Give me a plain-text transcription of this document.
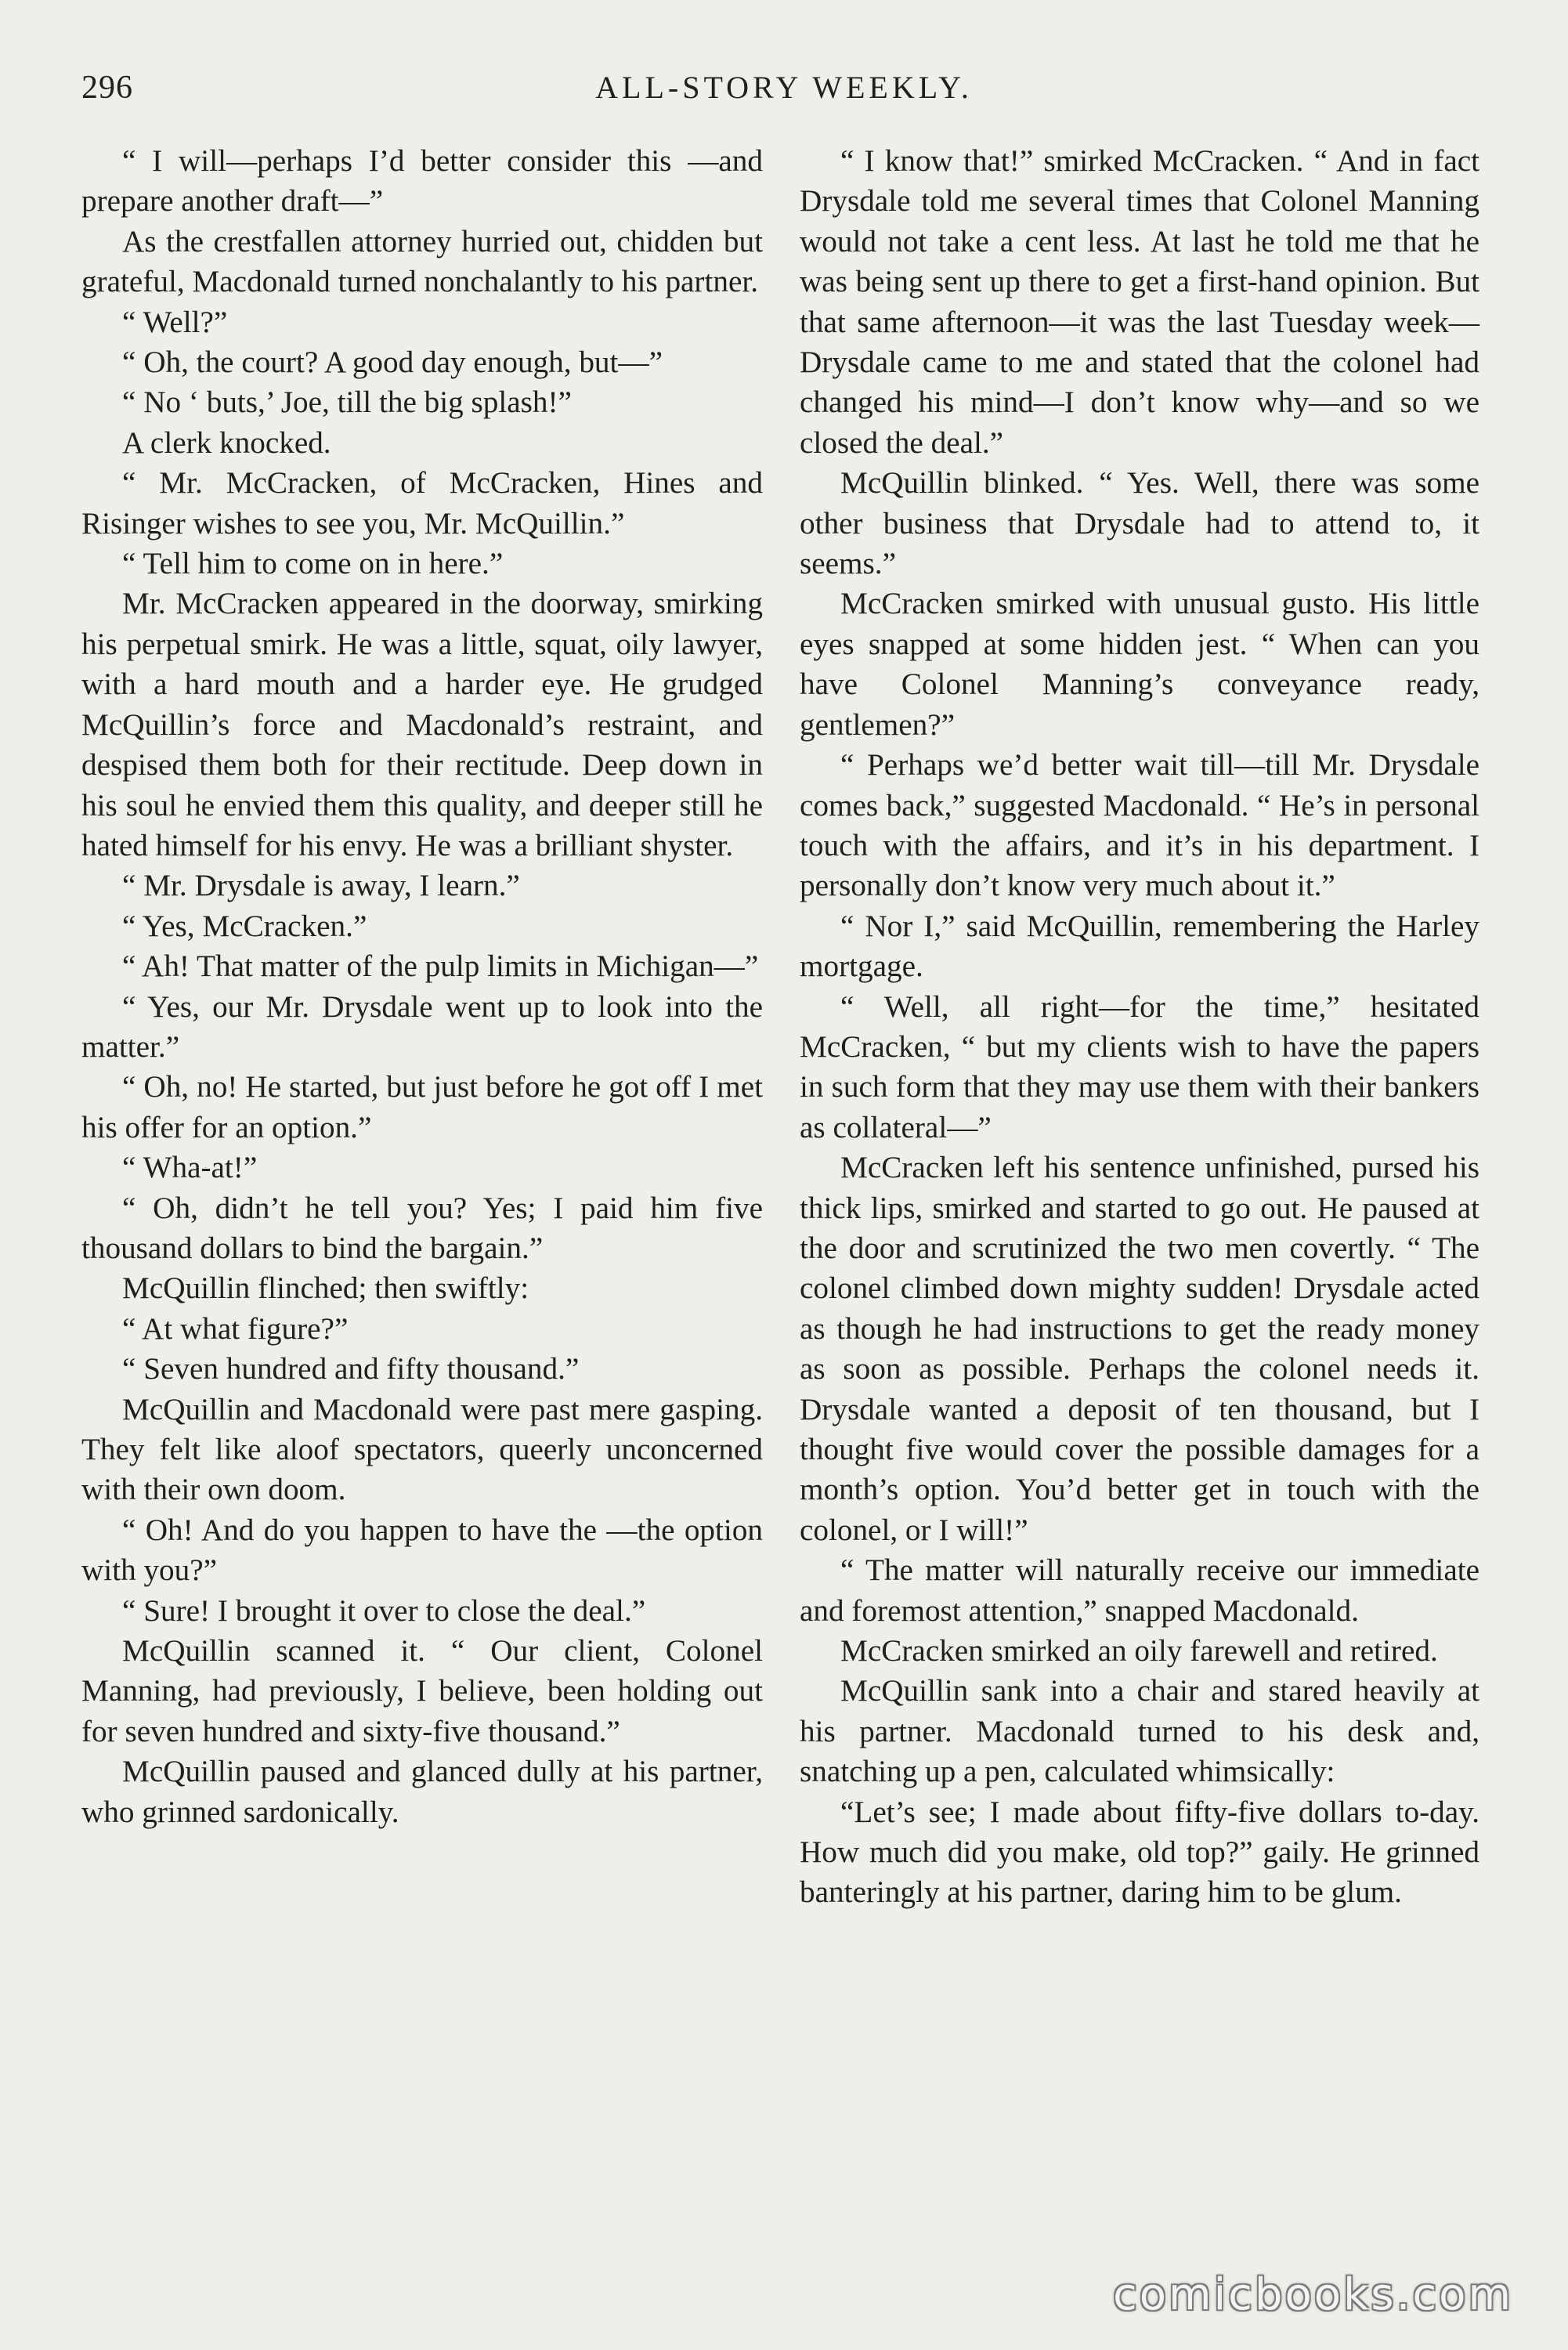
296	ALL-STORY WEEKLY.

“ I will—perhaps I’d better consider this —and prepare another draft—”

As the crestfallen attorney hurried out, chidden but grateful, Macdonald turned nonchalantly to his partner.

“ Well?”

“ Oh, the court? A good day enough, but—”

“ No ‘ buts,’ Joe, till the big splash!”

A clerk knocked.

“ Mr. McCracken, of McCracken, Hines and Risinger wishes to see you, Mr. McQuillin.”

“ Tell him to come on in here.”

Mr. McCracken appeared in the doorway, smirking his perpetual smirk. He was a little, squat, oily lawyer, with a hard mouth and a harder eye. He grudged McQuillin’s force and Macdonald’s restraint, and despised them both for their rectitude. Deep down in his soul he envied them this quality, and deeper still he hated himself for his envy. He was a brilliant shyster.

“ Mr. Drysdale is away, I learn.”

“ Yes, McCracken.”

“ Ah! That matter of the pulp limits in Michigan—”

“ Yes, our Mr. Drysdale went up to look into the matter.”

“ Oh, no! He started, but just before he got off I met his offer for an option.”

“ Wha-at!”

“ Oh, didn’t he tell you? Yes; I paid him five thousand dollars to bind the bargain.”

McQuillin flinched; then swiftly:

“ At what figure?”

“ Seven hundred and fifty thousand.”

McQuillin and Macdonald were past mere gasping. They felt like aloof spectators, queerly unconcerned with their own doom.

“ Oh! And do you happen to have the —the option with you?”

“ Sure! I brought it over to close the deal.”

McQuillin scanned it. “ Our client, Colonel Manning, had previously, I believe, been holding out for seven hundred and sixty-five thousand.”

McQuillin paused and glanced dully at his partner, who grinned sardonically.

“ I know that!” smirked McCracken. “ And in fact Drysdale told me several times that Colonel Manning would not take a cent less. At last he told me that he was being sent up there to get a first-hand opinion. But that same afternoon—it was the last Tuesday week—Drysdale came to me and stated that the colonel had changed his mind—I don’t know why—and so we closed the deal.”

McQuillin blinked. “ Yes. Well, there was some other business that Drysdale had to attend to, it seems.”

McCracken smirked with unusual gusto. His little eyes snapped at some hidden jest. “ When can you have Colonel Manning’s conveyance ready, gentlemen?”

“ Perhaps we’d better wait till—till Mr. Drysdale comes back,” suggested Macdonald. “ He’s in personal touch with the affairs, and it’s in his department. I personally don’t know very much about it.”

“ Nor I,” said McQuillin, remembering the Harley mortgage.

“ Well, all right—for the time,” hesitated McCracken, “ but my clients wish to have the papers in such form that they may use them with their bankers as collateral—”

McCracken left his sentence unfinished, pursed his thick lips, smirked and started to go out. He paused at the door and scrutinized the two men covertly. “ The colonel climbed down mighty sudden! Drysdale acted as though he had instructions to get the ready money as soon as possible. Perhaps the colonel needs it. Drysdale wanted a deposit of ten thousand, but I thought five would cover the possible damages for a month’s option. You’d better get in touch with the colonel, or I will!”

“ The matter will naturally receive our immediate and foremost attention,” snapped Macdonald.

McCracken smirked an oily farewell and retired.

McQuillin sank into a chair and stared heavily at his partner. Macdonald turned to his desk and, snatching up a pen, calculated whimsically:

“Let’s see; I made about fifty-five dollars to-day. How much did you make, old top?” gaily. He grinned banteringly at his partner, daring him to be glum.

comicbooks.com
